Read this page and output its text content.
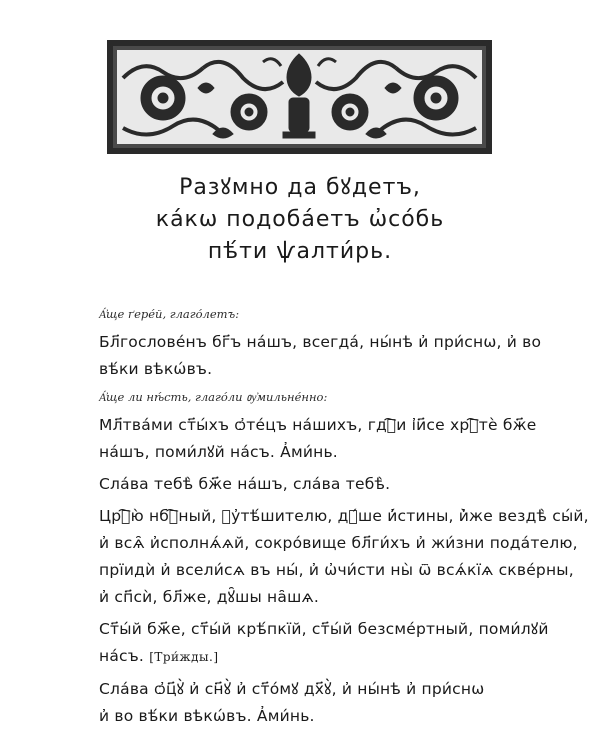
Разꙋмно да бꙋдетъ,
ка́кѡ подоба́етъ ѡ҆со́бь
пѣ́ти ѱалти́рь.
А҆́ще ґере́й, глаго́летъ:
Бл҃гослове́нъ бг҃ъ на́шъ, всегда́, ны́нѣ и҆ при́снѡ, и҆ во
вѣ́ки вѣкѡ́въ.
А҆́ще ли нѣ́сть, глаго́ли ᲂу҆мильне́нно:
Мл҃тва́ми ст҃ы́хъ ѻ҆те́цъ на́шихъ, гдⷭ҇и і҆и҃се хрⷭ҇тѐ бж҃е
на́шъ, поми́лꙋй на́съ. А҆ми́нь.
Сла́ва тебѣ̀ бж҃е на́шъ, сла́ва тебѣ̀.
Црⷭ҇ю̀ нбⷭ҇ный, ᲂу҆тѣ́шителю, дꙋ́ше и҆́стины, и҆̀же вездѣ̀ сы́й,
и҆ всѧ̑ и҆сполнѧ́ѧй, сокро́вище бл҃ги́хъ и҆ жи́зни пода́телю,
прїидѝ и҆ всели́сѧ въ ны́, и҆ ѡ҆чи́сти ны̀ ѿ всѧ́кїѧ скве́рны,
и҆ сп҃сѝ, бл҃же, дꙋ̑шы на̑шѧ.
Ст҃ы́й бж҃е, ст҃ы́й крѣ́пкїй, ст҃ы́й безсме́ртный, поми́лꙋй
на́съ. [Три́жды.]
Сла́ва ѻ҆ц҃ꙋ̀ и҆ сн҃ꙋ̀ и҆ ст҃о́мꙋ дх҃ꙋ̀, и҆ ны́нѣ и҆ при́снѡ
и҆ во вѣ́ки вѣкѡ́въ. А҆ми́нь.
